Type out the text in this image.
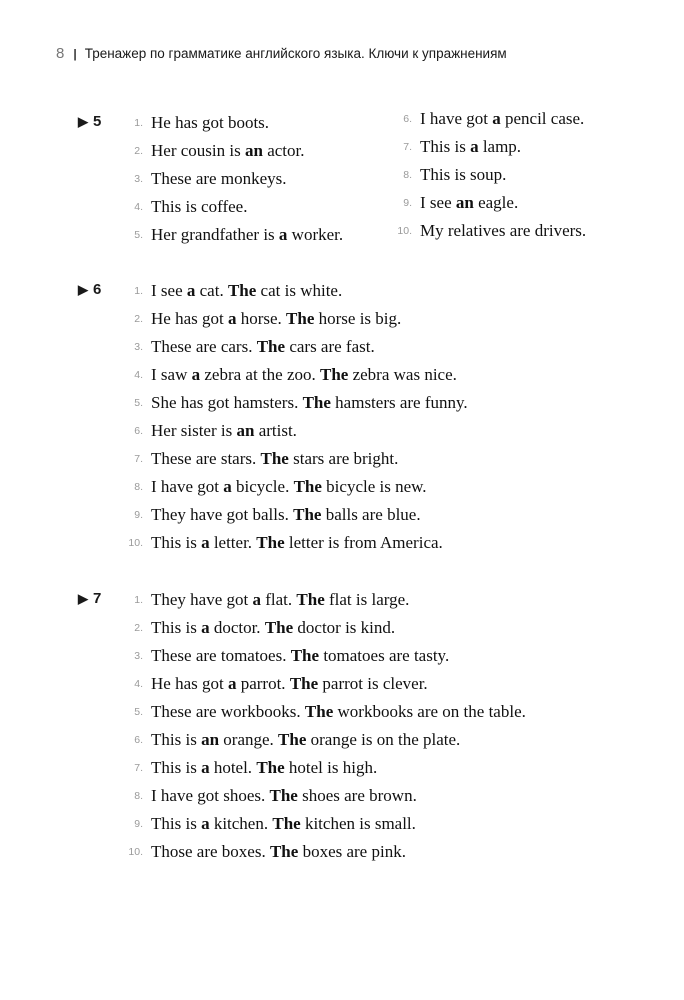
8 | Тренажер по грамматике английского языка. Ключи к упражнениям
▶ 5	1. He has got boots.
2. Her cousin is an actor.
3. These are monkeys.
4. This is coffee.
5. Her grandfather is a worker.
6. I have got a pencil case.
7. This is a lamp.
8. This is soup.
9. I see an eagle.
10. My relatives are drivers.
▶ 6	1. I see a cat. The cat is white.
2. He has got a horse. The horse is big.
3. These are cars. The cars are fast.
4. I saw a zebra at the zoo. The zebra was nice.
5. She has got hamsters. The hamsters are funny.
6. Her sister is an artist.
7. These are stars. The stars are bright.
8. I have got a bicycle. The bicycle is new.
9. They have got balls. The balls are blue.
10. This is a letter. The letter is from America.
▶ 7	1. They have got a flat. The flat is large.
2. This is a doctor. The doctor is kind.
3. These are tomatoes. The tomatoes are tasty.
4. He has got a parrot. The parrot is clever.
5. These are workbooks. The workbooks are on the table.
6. This is an orange. The orange is on the plate.
7. This is a hotel. The hotel is high.
8. I have got shoes. The shoes are brown.
9. This is a kitchen. The kitchen is small.
10. Those are boxes. The boxes are pink.
